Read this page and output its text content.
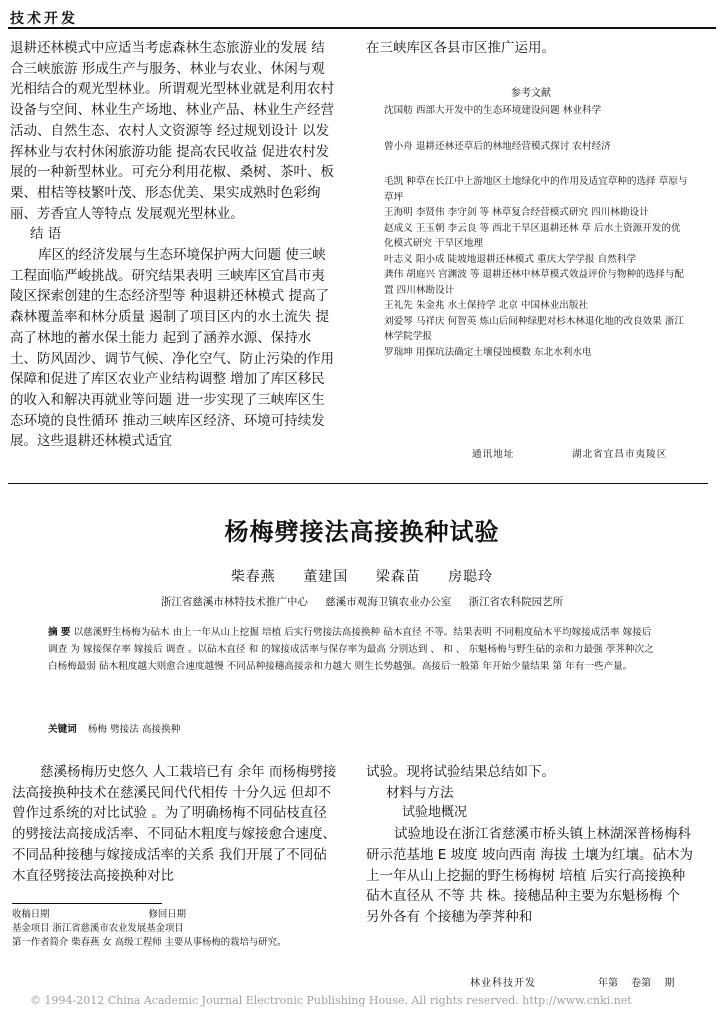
技术开发

退耕还林模式中应适当考虑森林生态旅游业的发展 结合三峡旅游 形成生产与服务、林业与农业、休闲与观光相结合的观光型林业。所谓观光型林业就是利用农村设备与空间、林业生产场地、林业产品、林业生产经营活动、自然生态、农村人文资源等 经过规划设计 以发挥林业与农村休闲旅游功能 提高农民收益 促进农村发展的一种新型林业。可充分利用花椒、桑树、茶叶、板栗、柑桔等枝繁叶茂、形态优美、果实成熟时色彩绚丽、芳香宜人等特点 发展观光型林业。

结 语

库区的经济发展与生态环境保护两大问题 使三峡工程面临严峻挑战。研究结果表明 三峡库区宜昌市夷陵区探索创建的生态经济型等 种退耕还林模式 提高了森林覆盖率和林分质量 遏制了项目区内的水土流失 提高了林地的蓄水保土能力 起到了涵养水源、保持水土、防风固沙、调节气候、净化空气、防止污染的作用 保障和促进了库区农业产业结构调整 增加了库区移民的收入和解决再就业等问题 进一步实现了三峡库区生态环境的良性循环 推动三峡库区经济、环境可持续发展。这些退耕还林模式适宜

在三峡库区各县市区推广运用。
参考文献
沈国舫 西部大开发中的生态环境建设问题 林业科学
曾小舟 退耕还林还草后的林地经营模式探讨 农村经济
毛凯 种草在长江中上游地区土地绿化中的作用及适宜草种的选择 草原与草坪
王海明 李贤伟 李守剑 等 林草复合经营模式研究 四川林勘设计
赵成义 王玉朝 李云良 等 西北干旱区退耕还林 草 后水土资源开发的优化模式研究 干旱区地理
叶志义 阳小成 陡坡地退耕还林模式 重庆大学学报 自然科学
龚伟 胡庭兴 宫渊波 等 退耕还林中林草模式效益评价与物种的选择与配置 四川林勘设计
王礼先 朱金兆 水土保持学 北京 中国林业出版社
刘爱琴 马祥庆 何智英 炼山后间种绿肥对杉木林退化地的改良效果 浙江林学院学报
罗瑞坤 用探坑法确定土壤侵蚀模数 东北水利水电
通讯地址	湖北省宜昌市夷陵区
杨梅劈接法高接换种试验
柴春燕 董建国 梁森苗 房聪玲
浙江省慈溪市林特技术推广中心 慈溪市观海卫镇农业办公室 浙江省农科院园艺所
摘 要 以慈溪野生杨梅为砧木 由上一年从山上挖掘 培植 后实行劈接法高接换种 砧木直径 不等。结果表明 不同粗度砧木平均嫁接成活率 嫁接后 调查 为 嫁接保存率 嫁接后 调查 。以砧木直径 和 的嫁接成活率与保存率为最高 分别达到 、 和 、 东魁杨梅与野生砧的亲和力最强 荸荠种次之 白杨梅最弱 砧木粗度越大则愈合速度越慢 不同品种接穗高接亲和力越大 则生长势越强。高接后一般第 年开始少量结果 第 年有一些产量。
关键词 杨梅 劈接法 高接换种

慈溪杨梅历史悠久 人工栽培已有 余年 而杨梅劈接法高接换种技术在慈溪民间代代相传 十分久远 但却不曾作过系统的对比试验 。为了明确杨梅不同砧枝直径的劈接法高接成活率、不同砧木粗度与嫁接愈合速度、不同品种接穗与嫁接成活率的关系 我们开展了不同砧木直径劈接法高接换种对比

收稿日期	修回日期
基金项目 浙江省慈溪市农业发展基金项目
第一作者简介 柴春燕 女 高级工程师 主要从事杨梅的栽培与研究。

试验。现将试验结果总结如下。

材料与方法

试验地概况

试验地设在浙江省慈溪市桥头镇上林湖深普杨梅科研示范基地 E 坡度 坡向西南 海拔 土壤为红壤。砧木为上一年从山上挖掘的野生杨梅树 培植 后实行高接换种 砧木直径从 不等 共 株。接穗品种主要为东魁杨梅 个 另外各有 个接穗为荸荠种和

林业科技开发	年第 卷第 期
© 1994-2012 China Academic Journal Electronic Publishing House. All rights reserved. http://www.cnki.net
